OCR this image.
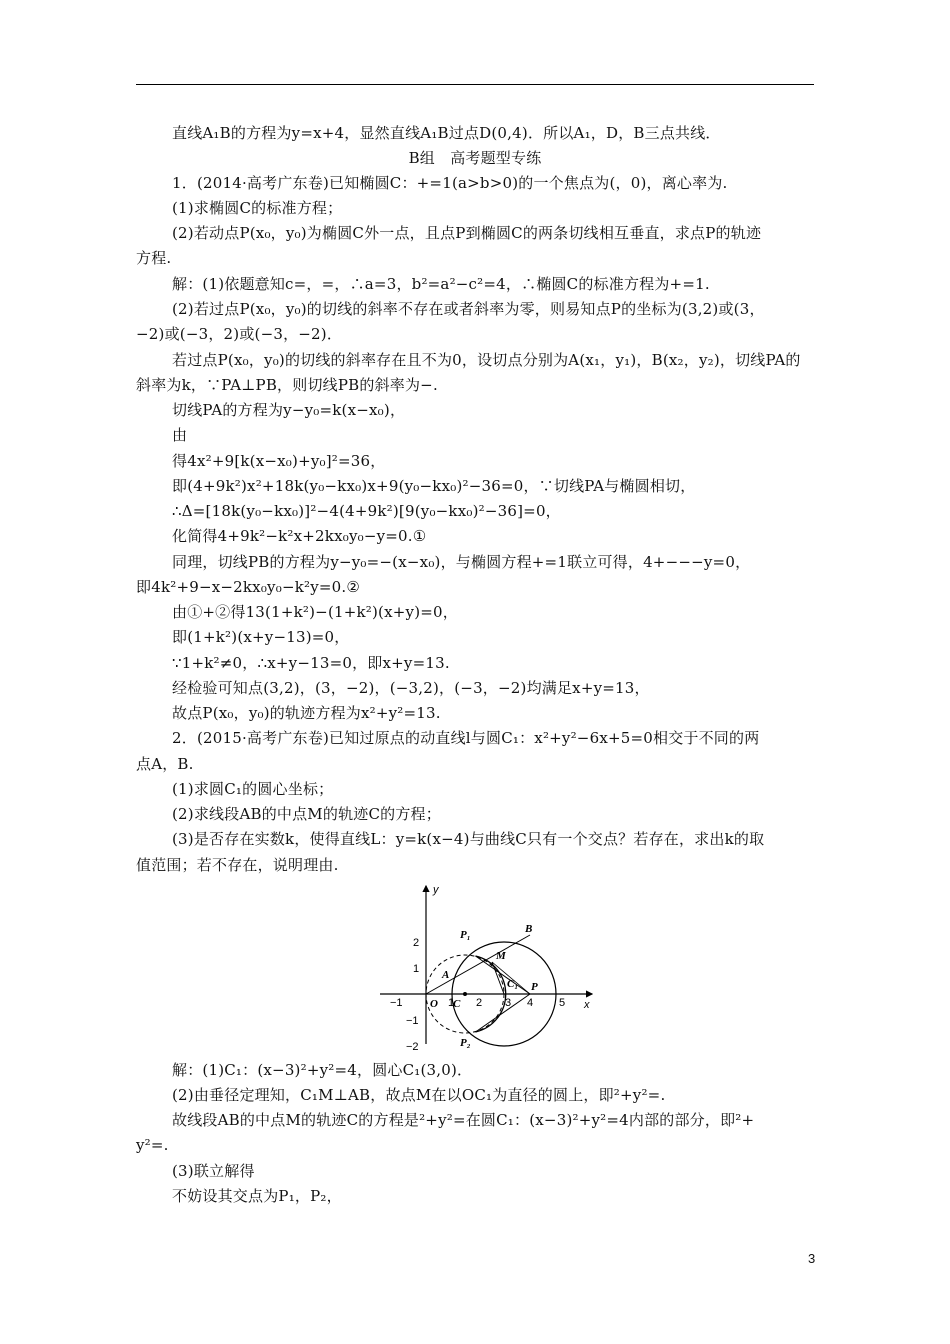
直线A₁B的方程为y=x+4，显然直线A₁B过点D(0,4)．所以A₁，D，B三点共线．
B组　高考题型专练
1．(2014·高考广东卷)已知椭圆C：+=1(a>b>0)的一个焦点为(，0)，离心率为.
(1)求椭圆C的标准方程；
(2)若动点P(x₀，y₀)为椭圆C外一点，且点P到椭圆C的两条切线相互垂直，求点P的轨迹
方程.
解：(1)依题意知c=，=，∴a=3，b²=a²−c²=4，∴椭圆C的标准方程为+=1.
(2)若过点P(x₀，y₀)的切线的斜率不存在或者斜率为零，则易知点P的坐标为(3,2)或(3，
−2)或(−3，2)或(−3，−2)．
若过点P(x₀，y₀)的切线的斜率存在且不为0，设切点分别为A(x₁，y₁)，B(x₂，y₂)，切线PA的
斜率为k，∵PA⊥PB，则切线PB的斜率为−.
切线PA的方程为y−y₀=k(x−x₀)，
由
得4x²+9[k(x−x₀)+y₀]²=36，
即(4+9k²)x²+18k(y₀−kx₀)x+9(y₀−kx₀)²−36=0，∵切线PA与椭圆相切，
∴Δ=[18k(y₀−kx₀)]²−4(4+9k²)[9(y₀−kx₀)²−36]=0，
化简得4+9k²−k²x+2kx₀y₀−y=0.①
同理，切线PB的方程为y−y₀=−(x−x₀)，与椭圆方程+=1联立可得，4+−−−y=0，
即4k²+9−x−2kx₀y₀−k²y=0.②
由①+②得13(1+k²)−(1+k²)(x+y)=0，
即(1+k²)(x+y−13)=0，
∵1+k²≠0，∴x+y−13=0，即x+y=13.
经检验可知点(3,2)，(3，−2)，(−3,2)，(−3，−2)均满足x+y=13，
故点P(x₀，y₀)的轨迹方程为x²+y²=13.
2．(2015·高考广东卷)已知过原点的动直线l与圆C₁：x²+y²−6x+5=0相交于不同的两
点A，B.
(1)求圆C₁的圆心坐标；
(2)求线段AB的中点M的轨迹C的方程；
(3)是否存在实数k，使得直线L：y=k(x−4)与曲线C只有一个交点？若存在，求出k的取
值范围；若不存在，说明理由.
y
x
2
1
−1
−2
−1	1 2 3 4 5
O C
C₁
A
B
M
P
P₁
P₂
解：(1)C₁：(x−3)²+y²=4，圆心C₁(3,0)．
(2)由垂径定理知，C₁M⊥AB，故点M在以OC₁为直径的圆上，即²+y²=.
故线段AB的中点M的轨迹C的方程是²+y²=在圆C₁：(x−3)²+y²=4内部的部分，即²+
y²=.
(3)联立解得
不妨设其交点为P₁，P₂，
3
